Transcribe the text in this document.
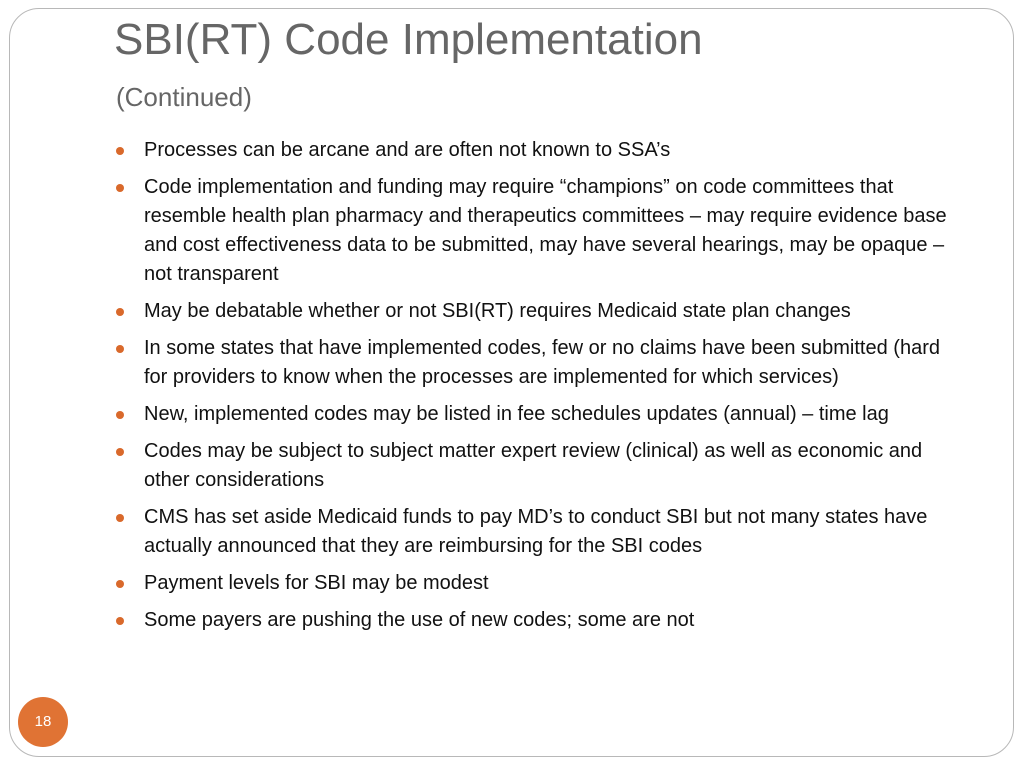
SBI(RT) Code Implementation
(Continued)
Processes can be arcane and are often not known to SSA’s
Code implementation and funding may require “champions” on code committees that resemble health plan pharmacy and therapeutics committees – may require evidence base and cost effectiveness data to be submitted, may have several hearings, may be opaque – not transparent
May be debatable whether or not SBI(RT) requires Medicaid state plan changes
In some states that have implemented codes, few or no claims have been submitted (hard for providers to know when the processes are implemented for which services)
New, implemented codes may be listed in fee schedules updates (annual) – time lag
Codes may be subject to subject matter expert review (clinical) as well as economic and other considerations
CMS has set aside Medicaid funds to pay MD’s to conduct SBI but not many states have actually announced that they are reimbursing for the SBI codes
Payment levels for SBI may be modest
Some payers are pushing the use of new codes; some are not
18
